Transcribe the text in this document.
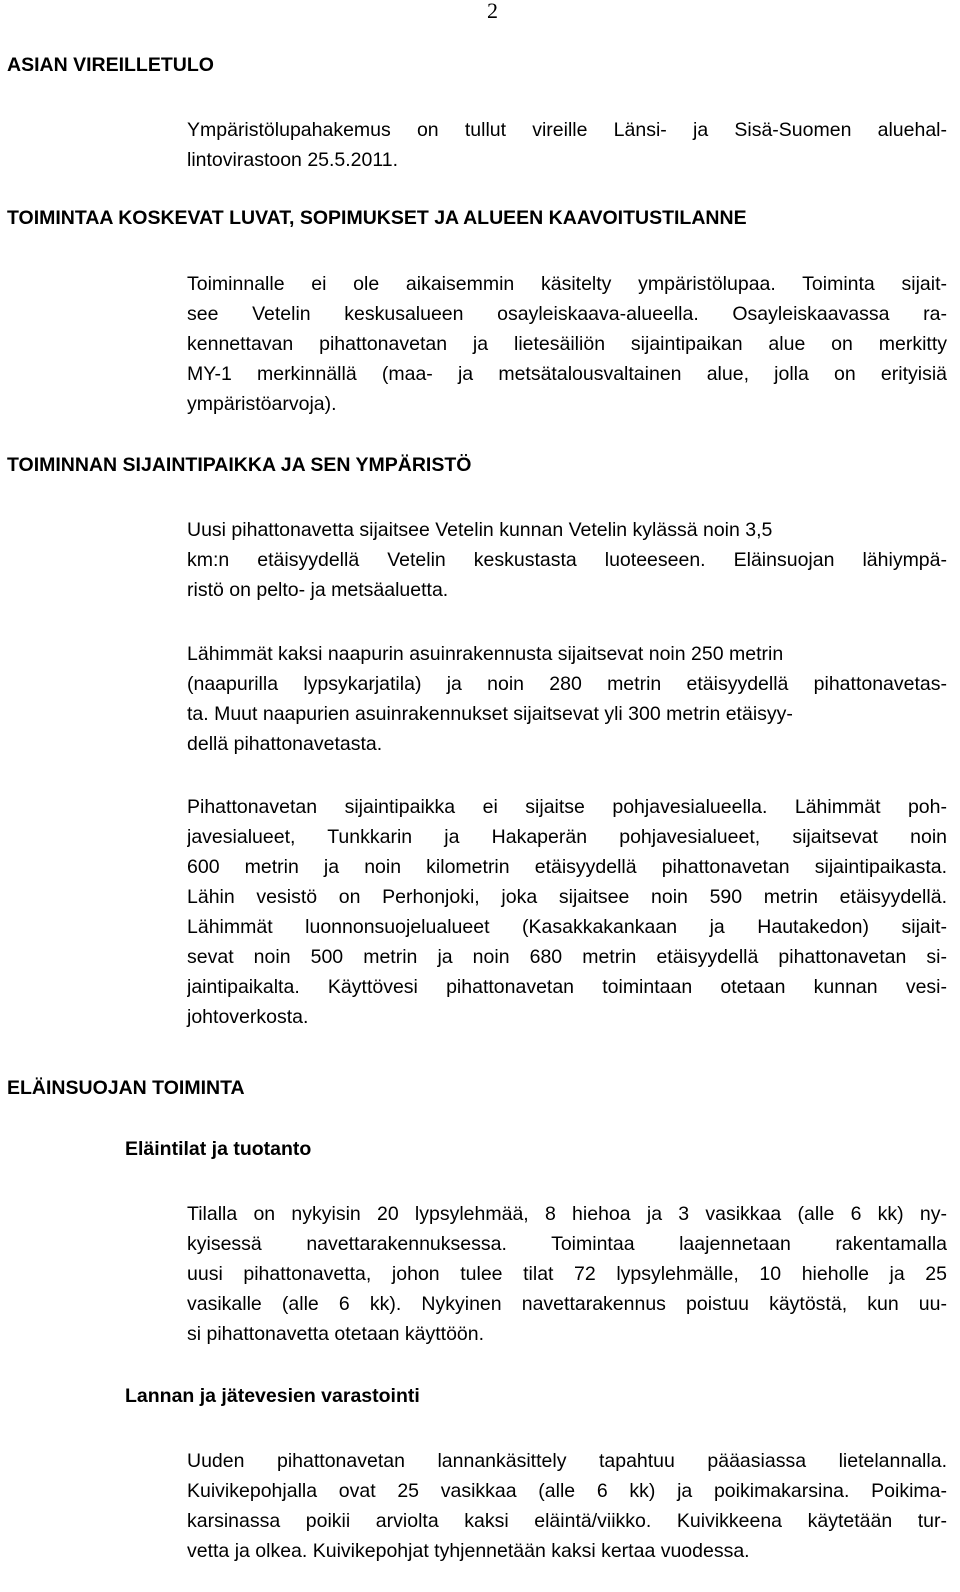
2
ASIAN VIREILLETULO
Ympäristölupahakemus on tullut vireille Länsi- ja Sisä-Suomen aluehal-
lintovirastoon 25.5.2011.
TOIMINTAA KOSKEVAT LUVAT, SOPIMUKSET JA ALUEEN KAAVOITUSTILANNE
Toiminnalle ei ole aikaisemmin käsitelty ympäristölupaa. Toiminta sijait-
see Vetelin keskusalueen osayleiskaava-alueella. Osayleiskaavassa ra-
kennettavan pihattonavetan ja lietesäiliön sijaintipaikan alue on merkitty
MY-1 merkinnällä (maa- ja metsätalousvaltainen alue, jolla on erityisiä
ympäristöarvoja).
TOIMINNAN SIJAINTIPAIKKA JA SEN YMPÄRISTÖ
Uusi pihattonavetta sijaitsee Vetelin kunnan Vetelin kylässä noin 3,5
km:n etäisyydellä Vetelin keskustasta luoteeseen. Eläinsuojan lähiympä-
ristö on pelto- ja metsäaluetta.
Lähimmät kaksi naapurin asuinrakennusta sijaitsevat noin 250 metrin
(naapurilla lypsykarjatila) ja noin 280 metrin etäisyydellä pihattonavetas-
ta. Muut naapurien asuinrakennukset sijaitsevat yli 300 metrin etäisyy-
dellä pihattonavetasta.
Pihattonavetan sijaintipaikka ei sijaitse pohjavesialueella. Lähimmät poh-
javesialueet, Tunkkarin ja Hakaperän pohjavesialueet, sijaitsevat noin
600 metrin ja noin kilometrin etäisyydellä pihattonavetan sijaintipaikasta.
Lähin vesistö on Perhonjoki, joka sijaitsee noin 590 metrin etäisyydellä.
Lähimmät luonnonsuojelualueet (Kasakkakankaan ja Hautakedon) sijait-
sevat noin 500 metrin ja noin 680 metrin etäisyydellä pihattonavetan si-
jaintipaikalta. Käyttövesi pihattonavetan toimintaan otetaan kunnan vesi-
johtoverkosta.
ELÄINSUOJAN TOIMINTA
Eläintilat ja tuotanto
Tilalla on nykyisin 20 lypsylehmää, 8 hiehoa ja 3 vasikkaa (alle 6 kk) ny-
kyisessä navettarakennuksessa. Toimintaa laajennetaan rakentamalla
uusi pihattonavetta, johon tulee tilat 72 lypsylehmälle, 10 hieholle ja 25
vasikalle (alle 6 kk). Nykyinen navettarakennus poistuu käytöstä, kun uu-
si pihattonavetta otetaan käyttöön.
Lannan ja jätevesien varastointi
Uuden pihattonavetan lannankäsittely tapahtuu pääasiassa lietelannalla.
Kuivikepohjalla ovat 25 vasikkaa (alle 6 kk) ja poikimakarsina. Poikima-
karsinassa poikii arviolta kaksi eläintä/viikko. Kuivikkeena käytetään tur-
vetta ja olkea. Kuivikepohjat tyhjennetään kaksi kertaa vuodessa.
